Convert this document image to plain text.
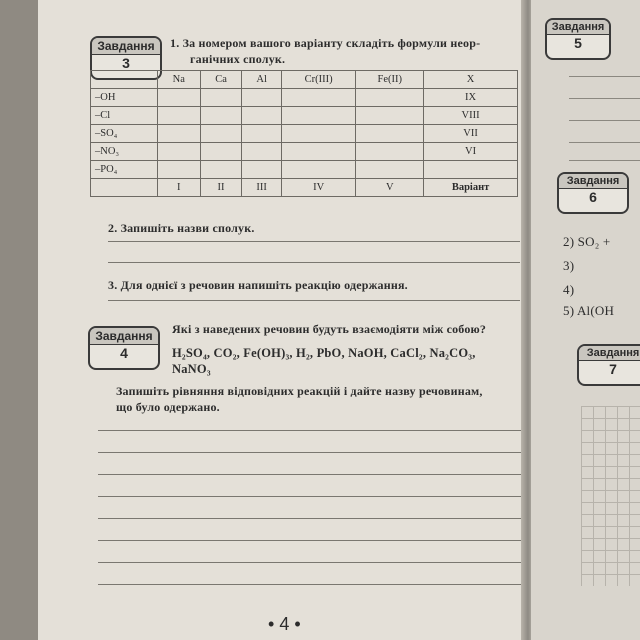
Завдання
3
1. За номером вашого варіанту складіть формули неор-
ганічних сполук.
	Na	Ca	Al	Cr(III)	Fe(II)	X
–OH						IX
–Cl						VIII
–SO₄						VII
–NO₃						VI
–PO₄						
	I	II	III	IV	V	Варіант
2. Запишіть назви сполук.
3. Для однієї з речовин напишіть реакцію одержання.
Завдання
4
Які з наведених речовин будуть взаємодіяти між собою?
H₂SO₄, CO₂, Fe(OH)₃, H₂, PbO, NaOH, CaCl₂, Na₂CO₃,
NaNO₃
Запишіть рівняння відповідних реакцій і дайте назву речовинам,
що було одержано.
• 4 •
Завдання
5
Завдання
6
2) SO₂ +
3)
4)
5) Al(OH
Завдання
7
